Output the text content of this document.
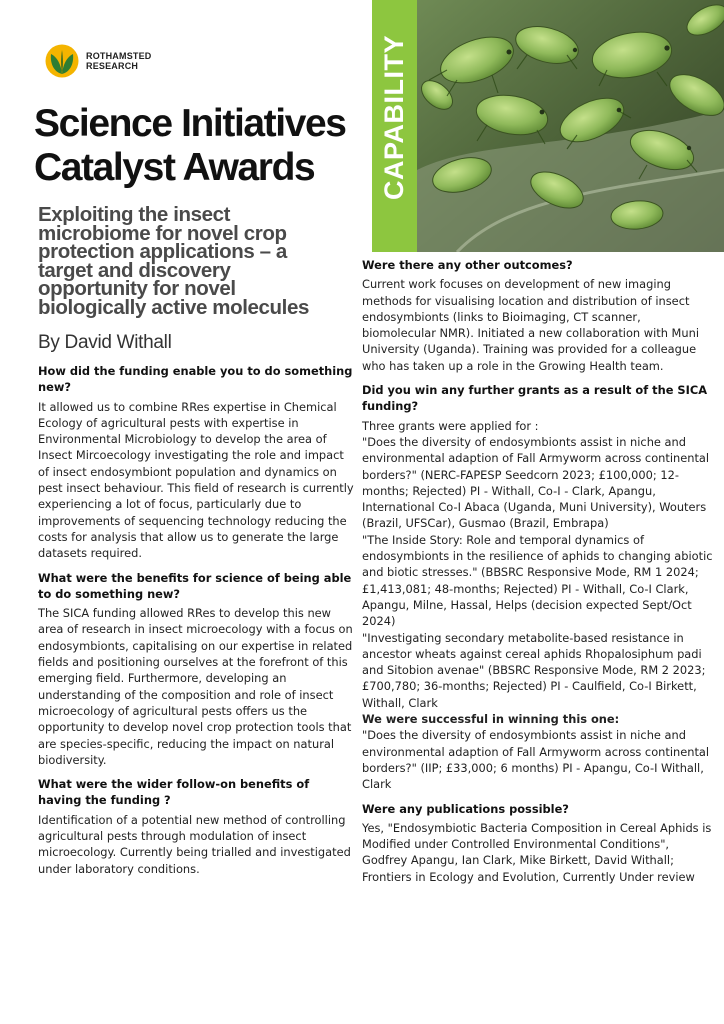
ROTHAMSTED
RESEARCH
Science Initiatives
Catalyst Awards
Exploiting the insect microbiome for novel crop protection applications – a target and discovery opportunity for novel biologically active molecules
By David Withall
CAPABILITY

How did the funding enable you to do something new?

It allowed us to combine RRes expertise in Chemical Ecology of agricultural pests with expertise in Environmental Microbiology to develop the area of Insect Mircoecology investigating the role and impact of insect endosymbiont population and dynamics on pest insect behaviour. This field of research is currently experiencing a lot of focus, particularly due to improvements of sequencing technology reducing the costs for analysis that allow us to generate the large datasets required.

What were the benefits for science of being able to do something new?

The SICA funding allowed RRes to develop this new area of research in insect microecology with a focus on endosymbionts, capitalising on our expertise in related fields and positioning ourselves at the forefront of this emerging field. Furthermore, developing an understanding of the composition and role of insect microecology of agricultural pests offers us the opportunity to develop novel crop protection tools that are species-specific, reducing the impact on natural biodiversity.

What were the wider follow-on benefits of having the funding ?

Identification of a potential new method of controlling agricultural pests through modulation of insect microecology. Currently being trialled and investigated under laboratory conditions.

Were there any other outcomes?

Current work focuses on development of new imaging methods for visualising location and distribution of insect endosymbionts (links to Bioimaging, CT scanner, biomolecular NMR). Initiated a new collaboration with Muni University (Uganda). Training was provided for a colleague who has taken up a role in the Growing Health team.

Did you win any further grants as a result of the SICA funding?

Three grants were applied for :

"Does the diversity of endosymbionts assist in niche and environmental adaption of Fall Armyworm across continental borders?" (NERC-FAPESP Seedcorn 2023; £100,000; 12-months; Rejected) PI - Withall, Co-I - Clark, Apangu, International Co-I Abaca (Uganda, Muni University), Wouters (Brazil, UFSCar), Gusmao (Brazil, Embrapa)

"The Inside Story: Role and temporal dynamics of endosymbionts in the resilience of aphids to changing abiotic and biotic stresses." (BBSRC Responsive Mode, RM 1 2024; £1,413,081; 48-months; Rejected) PI - Withall, Co-I Clark, Apangu, Milne, Hassal, Helps (decision expected Sept/Oct 2024)

"Investigating secondary metabolite-based resistance in ancestor wheats against cereal aphids Rhopalosiphum padi and Sitobion avenae" (BBSRC Responsive Mode, RM 2 2023; £700,780; 36-months; Rejected) PI - Caulfield, Co-I Birkett, Withall, Clark

We were successful in winning this one:

"Does the diversity of endosymbionts assist in niche and environmental adaption of Fall Armyworm across continental borders?" (IIP; £33,000; 6 months) PI - Apangu, Co-I Withall, Clark

Were any publications possible?

Yes, "Endosymbiotic Bacteria Composition in Cereal Aphids is Modified under Controlled Environmental Conditions", Godfrey Apangu, Ian Clark, Mike Birkett, David Withall; Frontiers in Ecology and Evolution, Currently Under review
